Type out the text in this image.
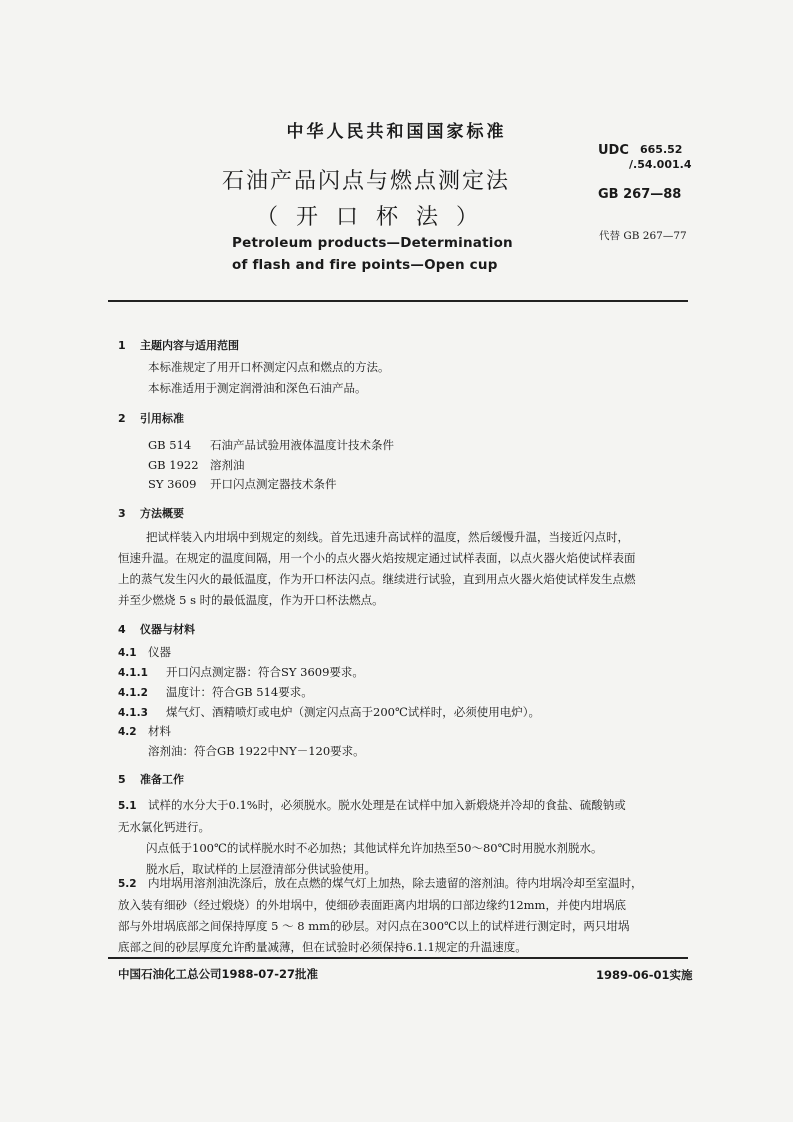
中华人民共和国国家标准
石油产品闪点与燃点测定法
（开口杯法）
Petroleum products—Determination
of flash and fire points—Open cup
UDC 665.52
/.54.001.4
GB 267—88
代替 GB 267—77
1 主题内容与适用范围

本标准规定了用开口杯测定闪点和燃点的方法。

本标准适用于测定润滑油和深色石油产品。

2 引用标准
GB 514 石油产品试验用液体温度计技术条件
GB 1922 溶剂油
SY 3609 开口闪点测定器技术条件
3 方法概要

把试样装入内坩埚中到规定的刻线。首先迅速升高试样的温度，然后缓慢升温，当接近闪点时，

恒速升温。在规定的温度间隔，用一个小的点火器火焰按规定通过试样表面，以点火器火焰使试样表面

上的蒸气发生闪火的最低温度，作为开口杯法闪点。继续进行试验，直到用点火器火焰使试样发生点燃

并至少燃烧 5 s 时的最低温度，作为开口杯法燃点。

4 仪器与材料
4.1 仪器
4.1.1 开口闪点测定器：符合SY 3609要求。
4.1.2 温度计：符合GB 514要求。
4.1.3 煤气灯、酒精喷灯或电炉（测定闪点高于200℃试样时，必须使用电炉）。
4.2 材料
溶剂油：符合GB 1922中NY－120要求。
5 准备工作

5.1 试样的水分大于0.1%时，必须脱水。脱水处理是在试样中加入新煅烧并冷却的食盐、硫酸钠或

无水氯化钙进行。

闪点低于100℃的试样脱水时不必加热；其他试样允许加热至50～80℃时用脱水剂脱水。

脱水后，取试样的上层澄清部分供试验使用。

5.2 内坩埚用溶剂油洗涤后，放在点燃的煤气灯上加热，除去遗留的溶剂油。待内坩埚冷却至室温时，

放入装有细砂（经过煅烧）的外坩埚中，使细砂表面距离内坩埚的口部边缘约12mm，并使内坩埚底

部与外坩埚底部之间保持厚度 5 ～ 8 mm的砂层。对闪点在300℃以上的试样进行测定时，两只坩埚

底部之间的砂层厚度允许酌量减薄，但在试验时必须保持6.1.1规定的升温速度。

中国石油化工总公司1988-07-27批准	1989-06-01实施
